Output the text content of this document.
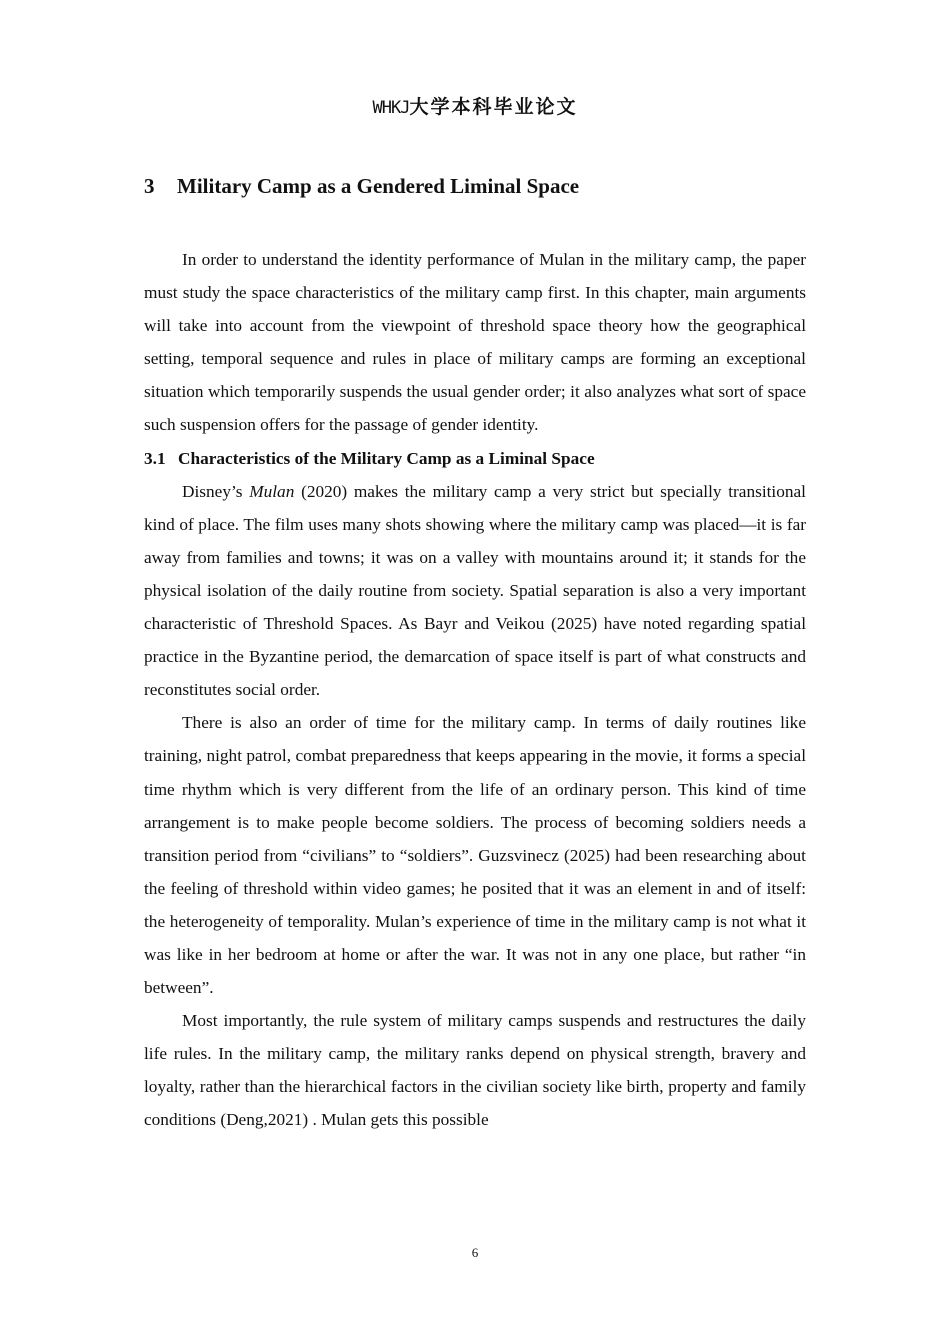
WHKJ大学本科毕业论文
3 Military Camp as a Gendered Liminal Space

In order to understand the identity performance of Mulan in the military camp, the paper must study the space characteristics of the military camp first. In this chapter, main arguments will take into account from the viewpoint of threshold space theory how the geographical setting, temporal sequence and rules in place of military camps are forming an exceptional situation which temporarily suspends the usual gender order; it also analyzes what sort of space such suspension offers for the passage of gender identity.

3.1 Characteristics of the Military Camp as a Liminal Space

Disney’s Mulan (2020) makes the military camp a very strict but specially transitional kind of place. The film uses many shots showing where the military camp was placed—it is far away from families and towns; it was on a valley with mountains around it; it stands for the physical isolation of the daily routine from society. Spatial separation is also a very important characteristic of Threshold Spaces. As Bayr and Veikou (2025) have noted regarding spatial practice in the Byzantine period, the demarcation of space itself is part of what constructs and reconstitutes social order.

There is also an order of time for the military camp. In terms of daily routines like training, night patrol, combat preparedness that keeps appearing in the movie, it forms a special time rhythm which is very different from the life of an ordinary person. This kind of time arrangement is to make people become soldiers. The process of becoming soldiers needs a transition period from “civilians” to “soldiers”. Guzsvinecz (2025) had been researching about the feeling of threshold within video games; he posited that it was an element in and of itself: the heterogeneity of temporality. Mulan’s experience of time in the military camp is not what it was like in her bedroom at home or after the war. It was not in any one place, but rather “in between”.

Most importantly, the rule system of military camps suspends and restructures the daily life rules. In the military camp, the military ranks depend on physical strength, bravery and loyalty, rather than the hierarchical factors in the civilian society like birth, property and family conditions (Deng,2021) . Mulan gets this possible

6
